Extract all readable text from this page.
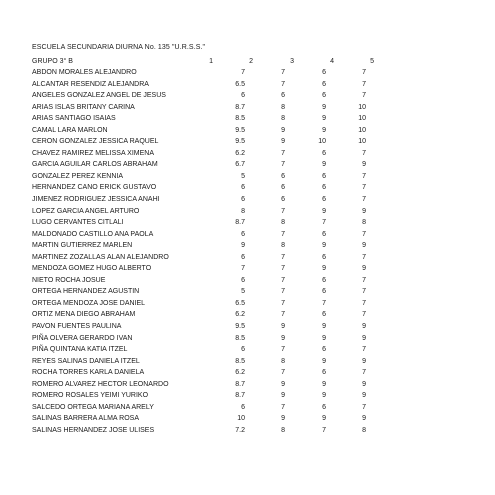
ESCUELA SECUNDARIA DIURNA No. 135 "U.R.S.S."
GRUPO 3° B	1	2	3	4	5
ABDON MORALES ALEJANDRO	7		7		6		7	
ALCANTAR RESENDIZ ALEJANDRA	6.5		7		6		7	
ANGELES GONZALEZ ANGEL DE JESUS	6		6		6		7	
ARIAS ISLAS BRITANY CARINA	8.7		8		9		10	
ARIAS SANTIAGO ISAIAS	8.5		8		9		10	
CAMAL LARA MARLON	9.5		9		9		10	
CERON GONZALEZ JESSICA RAQUEL	9.5		9		10		10	
CHAVEZ RAMIREZ MELISSA XIMENA	6.2		7		6		7	
GARCIA AGUILAR CARLOS ABRAHAM	6.7		7		9		9	
GONZALEZ PEREZ KENNIA	5		6		6		7	
HERNANDEZ CANO ERICK GUSTAVO	6		6		6		7	
JIMENEZ RODRIGUEZ JESSICA ANAHI	6		6		6		7	
LOPEZ GARCIA ANGEL ARTURO	8		7		9		9	
LUGO CERVANTES CITLALI	8.7		8		7		8	
MALDONADO CASTILLO ANA PAOLA	6		7		6		7	
MARTIN GUTIERREZ MARLEN	9		8		9		9	
MARTINEZ ZOZALLAS ALAN ALEJANDRO	6		7		6		7	
MENDOZA GOMEZ HUGO ALBERTO	7		7		9		9	
NIETO ROCHA JOSUE	6		7		6		7	
ORTEGA HERNANDEZ AGUSTIN	5		7		6		7	
ORTEGA MENDOZA JOSE DANIEL	6.5		7		7		7	
ORTIZ MENA DIEGO ABRAHAM	6.2		7		6		7	
PAVON FUENTES PAULINA	9.5		9		9		9	
PIÑA OLVERA GERARDO IVAN	8.5		9		9		9	
PIÑA QUINTANA KATIA ITZEL	6		7		6		7	
REYES SALINAS DANIELA ITZEL	8.5		8		9		9	
ROCHA TORRES KARLA DANIELA	6.2		7		6		7	
ROMERO ALVAREZ HECTOR LEONARDO	8.7		9		9		9	
ROMERO ROSALES YEIMI YURIKO	8.7		9		9		9	
SALCEDO ORTEGA MARIANA ARELY	6		7		6		7	
SALINAS BARRERA ALMA ROSA	10		9		9		9	
SALINAS HERNANDEZ JOSE ULISES	7.2		8		7		8	
